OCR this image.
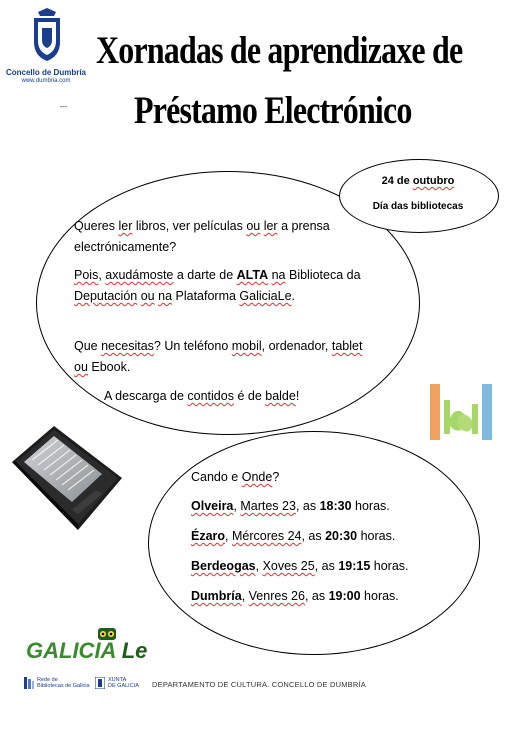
Concello de Dumbría
www.dumbria.com
---
Xornadas de aprendizaxe de
Préstamo Electrónico
24 de outubro
Día das bibliotecas
Queres ler libros, ver películas ou ler a prensa electrónicamente?
Pois, axudámoste a darte de ALTA na Biblioteca da Deputación ou na Plataforma GaliciaLe.
Que necesitas? Un teléfono mobil, ordenador, tablet ou Ebook.
A descarga de contidos é de balde!
Cando e Onde?
Olveira, Martes 23, as 18:30 horas.
Ézaro, Mércores 24, as 20:30 horas.
Berdeogas, Xoves 25, as 19:15 horas.
Dumbría, Venres 26, as 19:00 horas.
GALICIA Le
Rede de
Bibliotecas de Galicia
XUNTA
DE GALICIA DEPARTAMENTO DE CULTURA. CONCELLO DE DUMBRÍA
